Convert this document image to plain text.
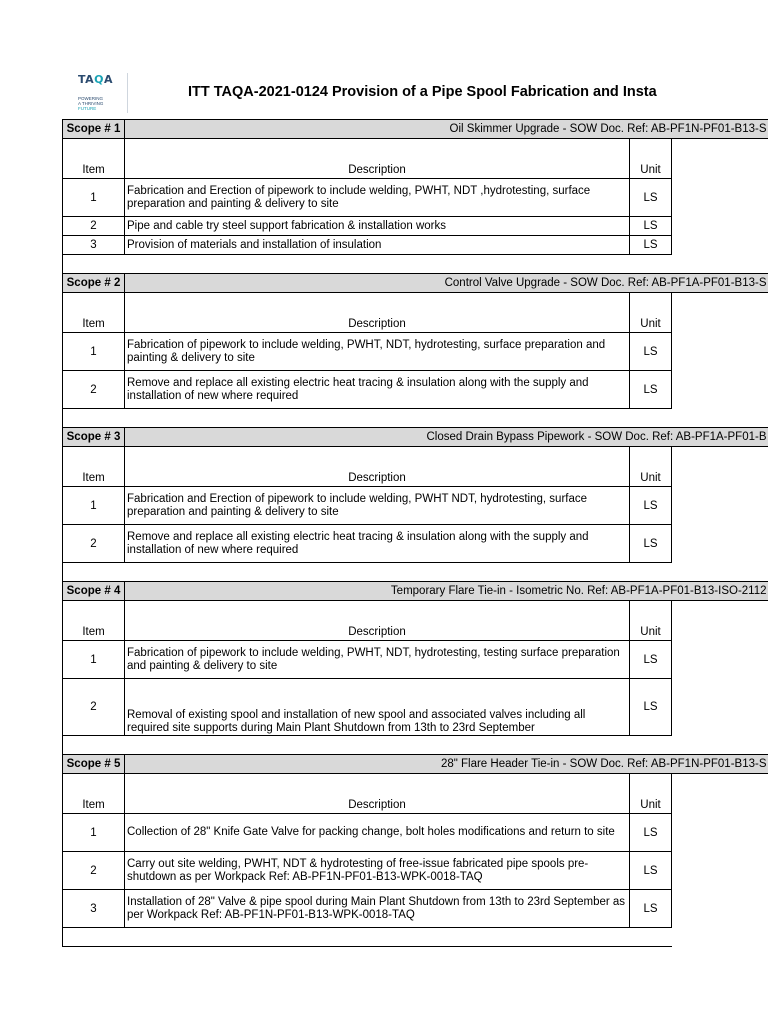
TAQA
POWERING
A THRIVING
FUTURE
ITT TAQA-2021-0124 Provision of a Pipe Spool Fabrication and Insta
Scope # 1	Oil Skimmer Upgrade - SOW Doc. Ref: AB-PF1N-PF01-B13-S		
Item	Description	Unit	
1	Fabrication and Erection of pipework to include welding, PWHT, NDT ,hydrotesting, surface preparation and painting & delivery to site	LS	
2	Pipe and cable try steel support fabrication & installation works	LS	
3	Provision of materials and installation of insulation	LS	

Scope # 2	Control Valve Upgrade - SOW Doc. Ref: AB-PF1A-PF01-B13-S		
Item	Description	Unit	
1	Fabrication of pipework to include welding, PWHT, NDT, hydrotesting, surface preparation and painting & delivery to site	LS	
2	Remove and replace all existing electric heat tracing & insulation along with the supply and installation of new where required	LS	

Scope # 3	Closed Drain Bypass Pipework - SOW Doc. Ref: AB-PF1A-PF01-B		
Item	Description	Unit	
1	Fabrication and Erection of pipework to include welding, PWHT NDT, hydrotesting, surface preparation and painting & delivery to site	LS	
2	Remove and replace all existing electric heat tracing & insulation along with the supply and installation of new where required	LS	

Scope # 4	Temporary Flare Tie-in - Isometric No. Ref: AB-PF1A-PF01-B13-ISO-2112		
Item	Description	Unit	
1	Fabrication of pipework to include welding, PWHT, NDT, hydrotesting, testing surface preparation and painting & delivery to site	LS	
2	Removal of existing spool and installation of new spool and associated valves including all required site supports during Main Plant Shutdown from 13th to 23rd September	LS	

Scope # 5	28" Flare Header Tie-in - SOW Doc. Ref: AB-PF1N-PF01-B13-S		
Item	Description	Unit	
1	Collection of 28" Knife Gate Valve for packing change, bolt holes modifications and return to site	LS	
2	Carry out site welding, PWHT, NDT & hydrotesting of free-issue fabricated pipe spools pre-shutdown as per Workpack Ref: AB-PF1N-PF01-B13-WPK-0018-TAQ	LS	
3	Installation of 28" Valve & pipe spool during Main Plant Shutdown from 13th to 23rd September as per Workpack Ref: AB-PF1N-PF01-B13-WPK-0018-TAQ	LS	
